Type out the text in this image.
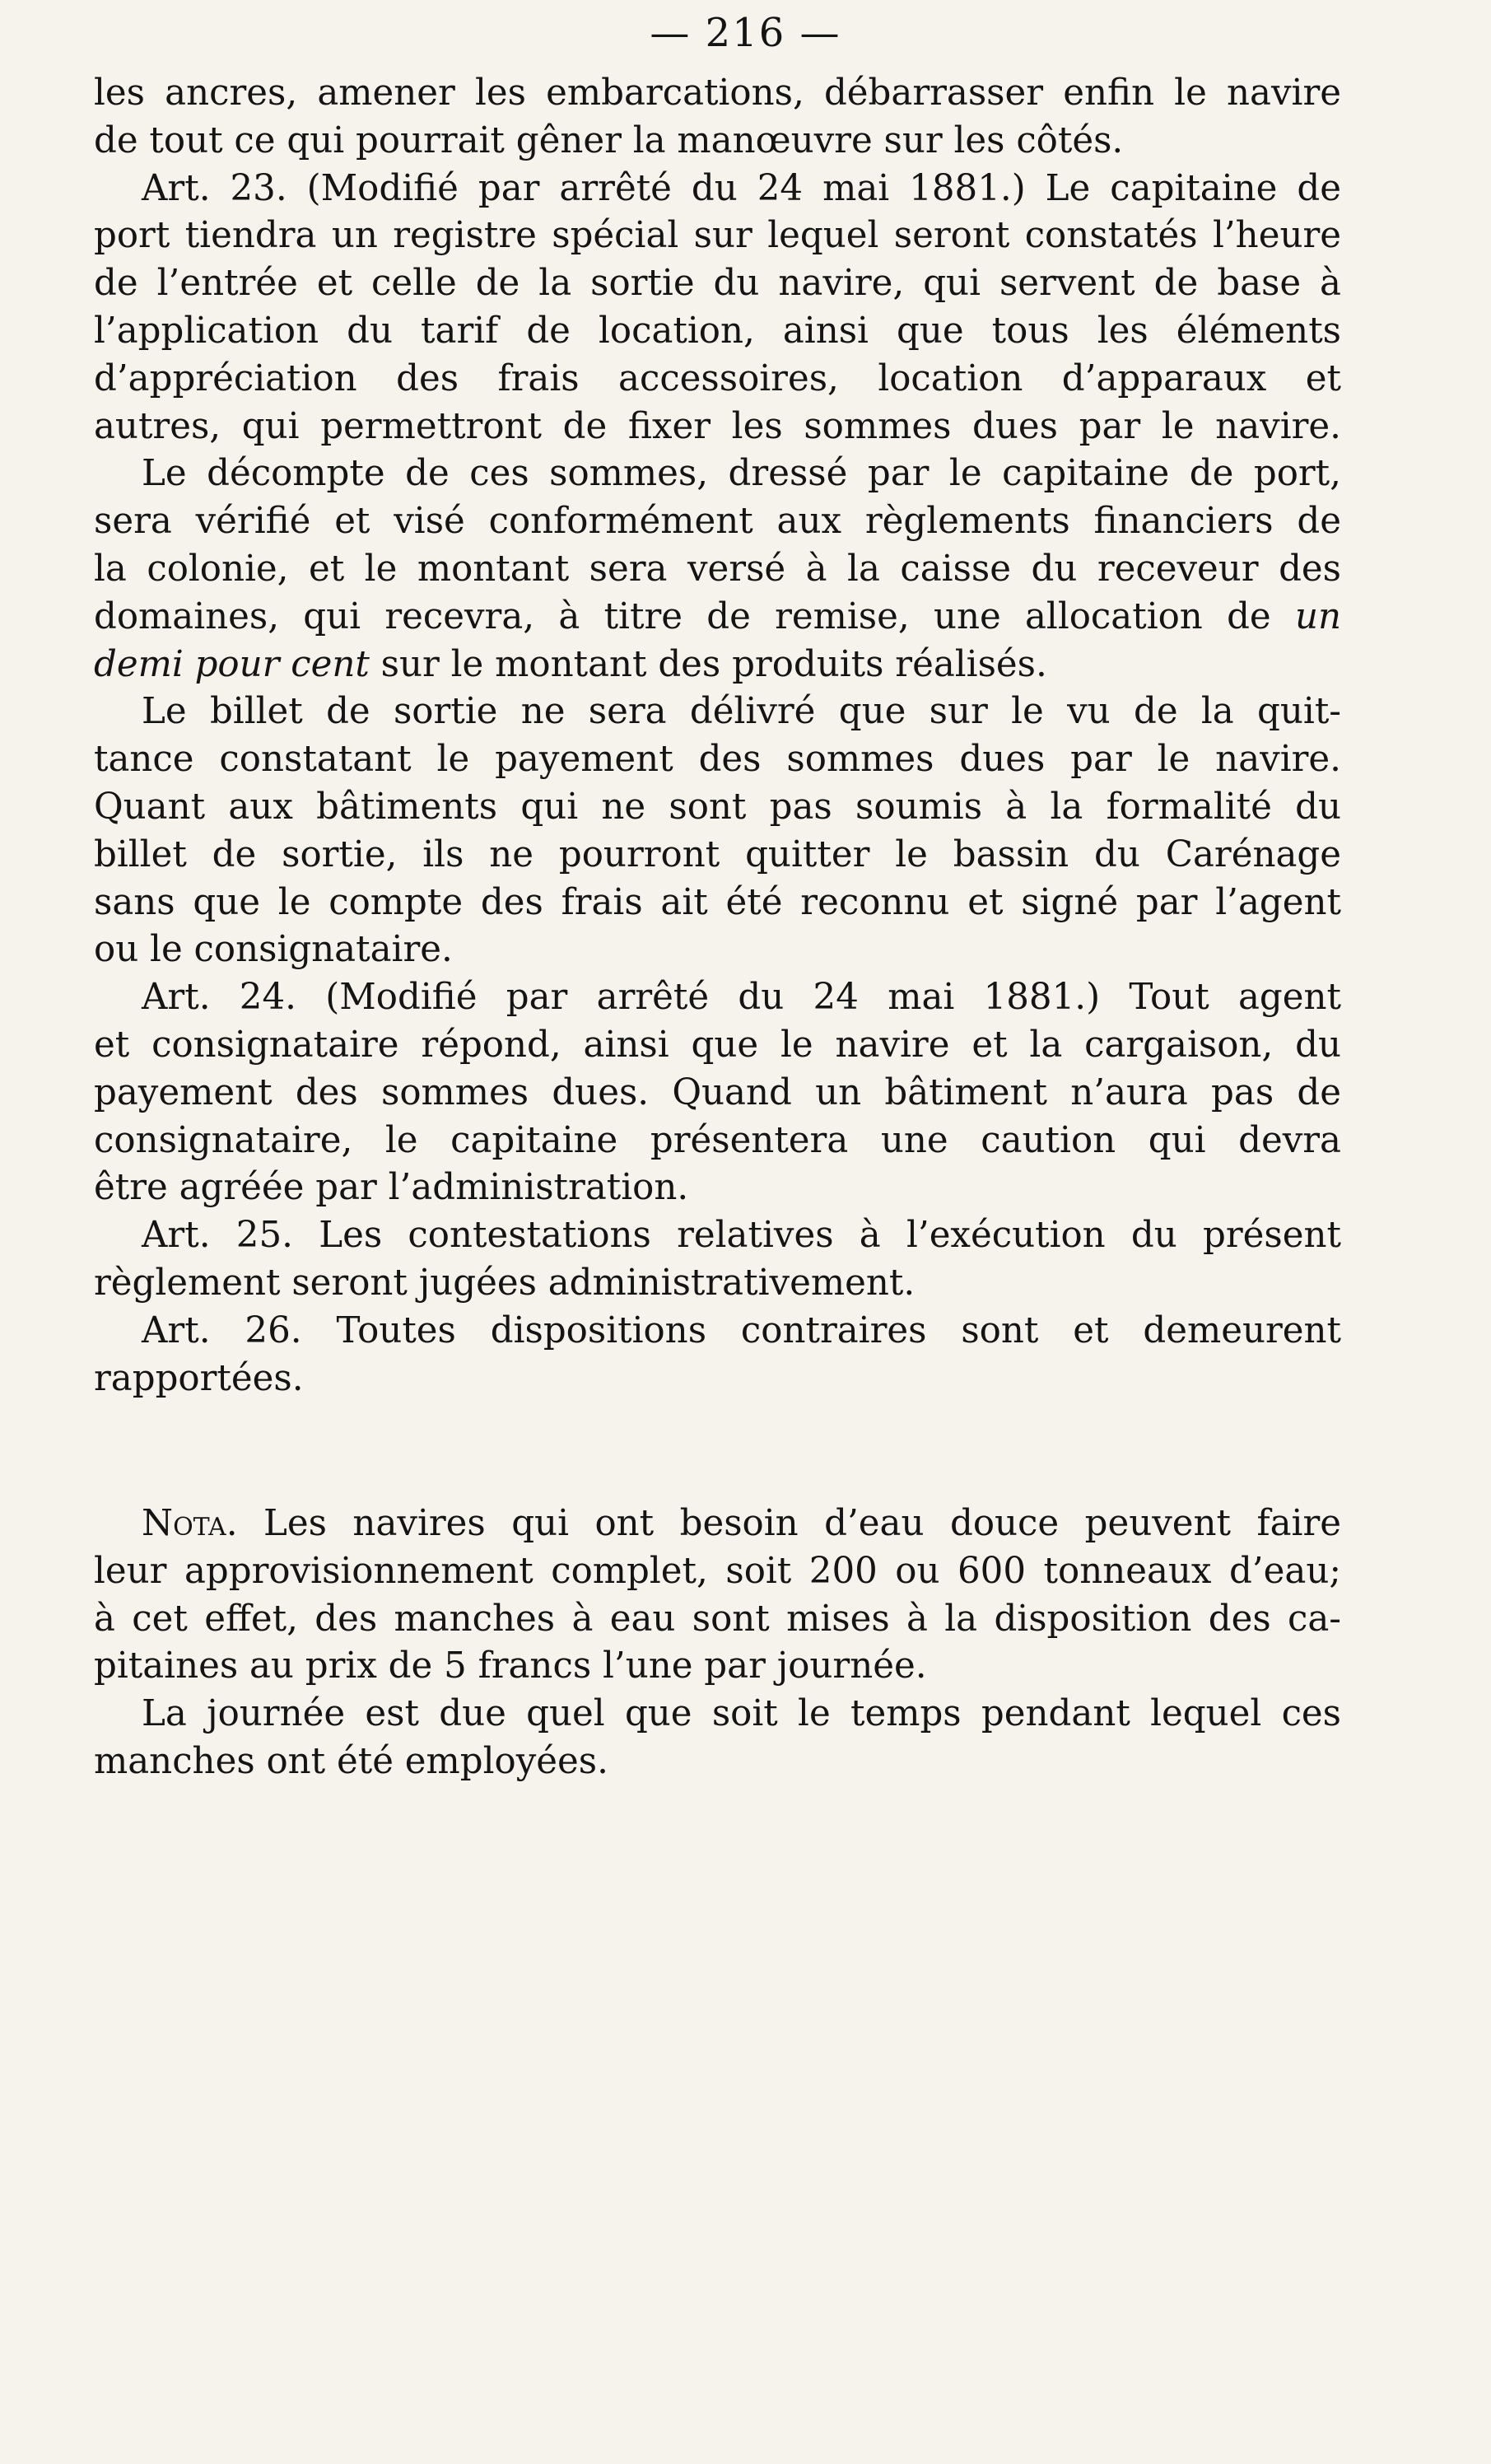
— 216 —
les ancres, amener les embarcations, débarrasser enfin le navire
de tout ce qui pourrait gêner la manœuvre sur les côtés.
Art. 23. (Modifié par arrêté du 24 mai 1881.) Le capitaine de
port tiendra un registre spécial sur lequel seront constatés l’heure
de l’entrée et celle de la sortie du navire, qui servent de base à
l’application du tarif de location, ainsi que tous les éléments
d’appréciation des frais accessoires, location d’apparaux et
autres, qui permettront de fixer les sommes dues par le navire.
Le décompte de ces sommes, dressé par le capitaine de port,
sera vérifié et visé conformément aux règlements financiers de
la colonie, et le montant sera versé à la caisse du receveur des
domaines, qui recevra, à titre de remise, une allocation de un
demi pour cent sur le montant des produits réalisés.
Le billet de sortie ne sera délivré que sur le vu de la quit-
tance constatant le payement des sommes dues par le navire.
Quant aux bâtiments qui ne sont pas soumis à la formalité du
billet de sortie, ils ne pourront quitter le bassin du Carénage
sans que le compte des frais ait été reconnu et signé par l’agent
ou le consignataire.
Art. 24. (Modifié par arrêté du 24 mai 1881.) Tout agent
et consignataire répond, ainsi que le navire et la cargaison, du
payement des sommes dues. Quand un bâtiment n’aura pas de
consignataire, le capitaine présentera une caution qui devra
être agréée par l’administration.
Art. 25. Les contestations relatives à l’exécution du présent
règlement seront jugées administrativement.
Art. 26. Toutes dispositions contraires sont et demeurent
rapportées.
Nota. Les navires qui ont besoin d’eau douce peuvent faire
leur approvisionnement complet, soit 200 ou 600 tonneaux d’eau;
à cet effet, des manches à eau sont mises à la disposition des ca-
pitaines au prix de 5 francs l’une par journée.
La journée est due quel que soit le temps pendant lequel ces
manches ont été employées.
